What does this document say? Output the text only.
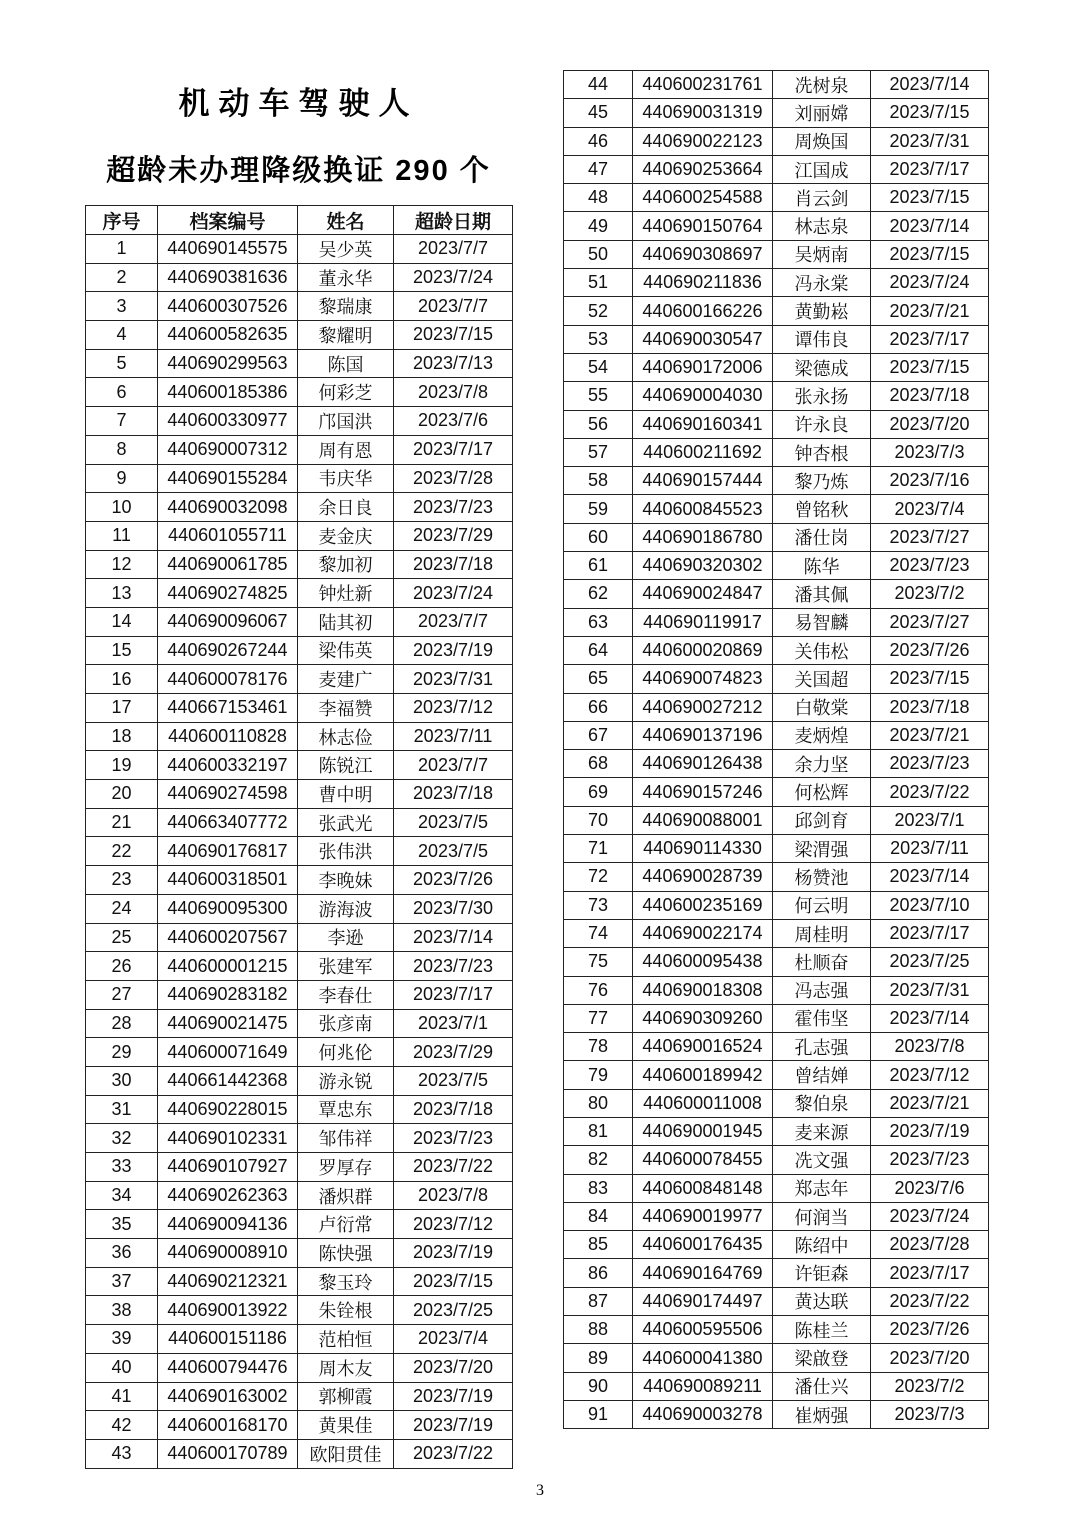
机动车驾驶人
超龄未办理降级换证 290 个
序号	档案编号	姓名	超龄日期
1	440690145575	吴少英	2023/7/7
2	440690381636	董永华	2023/7/24
3	440600307526	黎瑞康	2023/7/7
4	440600582635	黎耀明	2023/7/15
5	440690299563	陈国	2023/7/13
6	440600185386	何彩芝	2023/7/8
7	440600330977	邝国洪	2023/7/6
8	440690007312	周有恩	2023/7/17
9	440690155284	韦庆华	2023/7/28
10	440690032098	余日良	2023/7/23
11	440601055711	麦金庆	2023/7/29
12	440690061785	黎加初	2023/7/18
13	440690274825	钟灶新	2023/7/24
14	440690096067	陆其初	2023/7/7
15	440690267244	梁伟英	2023/7/19
16	440600078176	麦建广	2023/7/31
17	440667153461	李福赞	2023/7/12
18	440600110828	林志俭	2023/7/11
19	440600332197	陈锐江	2023/7/7
20	440690274598	曹中明	2023/7/18
21	440663407772	张武光	2023/7/5
22	440690176817	张伟洪	2023/7/5
23	440600318501	李晚妹	2023/7/26
24	440690095300	游海波	2023/7/30
25	440600207567	李逊	2023/7/14
26	440600001215	张建军	2023/7/23
27	440690283182	李春仕	2023/7/17
28	440690021475	张彦南	2023/7/1
29	440600071649	何兆伦	2023/7/29
30	440661442368	游永锐	2023/7/5
31	440690228015	覃忠东	2023/7/18
32	440690102331	邹伟祥	2023/7/23
33	440690107927	罗厚存	2023/7/22
34	440690262363	潘炽群	2023/7/8
35	440690094136	卢衍常	2023/7/12
36	440690008910	陈快强	2023/7/19
37	440690212321	黎玉玲	2023/7/15
38	440690013922	朱铨根	2023/7/25
39	440600151186	范柏恒	2023/7/4
40	440600794476	周木友	2023/7/20
41	440690163002	郭柳霞	2023/7/19
42	440600168170	黄果佳	2023/7/19
43	440600170789	欧阳贯佳	2023/7/22
44	440600231761	冼树泉	2023/7/14
45	440690031319	刘丽嫦	2023/7/15
46	440690022123	周焕国	2023/7/31
47	440690253664	江国成	2023/7/17
48	440600254588	肖云剑	2023/7/15
49	440690150764	林志泉	2023/7/14
50	440690308697	吴炳南	2023/7/15
51	440690211836	冯永棠	2023/7/24
52	440600166226	黄勤崧	2023/7/21
53	440690030547	谭伟良	2023/7/17
54	440690172006	梁德成	2023/7/15
55	440690004030	张永扬	2023/7/18
56	440690160341	许永良	2023/7/20
57	440600211692	钟杏根	2023/7/3
58	440690157444	黎乃炼	2023/7/16
59	440600845523	曾铭秋	2023/7/4
60	440690186780	潘仕岗	2023/7/27
61	440690320302	陈华	2023/7/23
62	440690024847	潘其佩	2023/7/2
63	440690119917	易智麟	2023/7/27
64	440600020869	关伟松	2023/7/26
65	440690074823	关国超	2023/7/15
66	440690027212	白敬棠	2023/7/18
67	440690137196	麦炳煌	2023/7/21
68	440690126438	余力坚	2023/7/23
69	440690157246	何松辉	2023/7/22
70	440690088001	邱剑育	2023/7/1
71	440690114330	梁渭强	2023/7/11
72	440690028739	杨赞池	2023/7/14
73	440600235169	何云明	2023/7/10
74	440690022174	周桂明	2023/7/17
75	440600095438	杜顺奋	2023/7/25
76	440690018308	冯志强	2023/7/31
77	440690309260	霍伟坚	2023/7/14
78	440690016524	孔志强	2023/7/8
79	440600189942	曾结婵	2023/7/12
80	440600011008	黎伯泉	2023/7/21
81	440690001945	麦来源	2023/7/19
82	440600078455	冼文强	2023/7/23
83	440600848148	郑志年	2023/7/6
84	440690019977	何润当	2023/7/24
85	440600176435	陈绍中	2023/7/28
86	440690164769	许钜森	2023/7/17
87	440690174497	黄达联	2023/7/22
88	440600595506	陈桂兰	2023/7/26
89	440600041380	梁啟登	2023/7/20
90	440690089211	潘仕兴	2023/7/2
91	440690003278	崔炳强	2023/7/3
3
